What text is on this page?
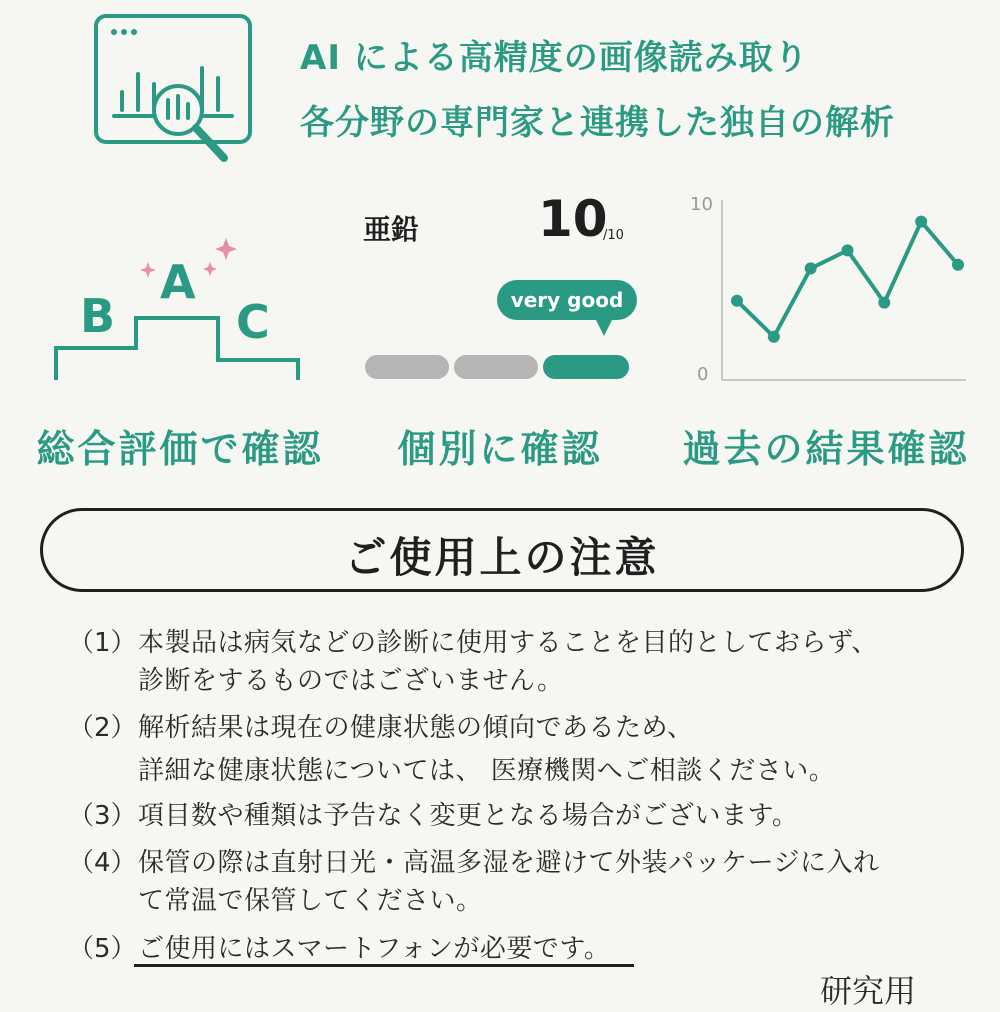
AI による高精度の画像読み取り
各分野の専門家と連携した独自の解析
B
A
C
総合評価で確認
亜鉛 10
/10
very good
個別に確認
10
0
過去の結果確認
ご使用上の注意
（1） 本製品は病気などの診断に使用することを目的としておらず、
診断をするものではございません。
（2） 解析結果は現在の健康状態の傾向であるため、
詳細な健康状態については、 医療機関へご相談ください。
（3） 項目数や種類は予告なく変更となる場合がございます。
（4） 保管の際は直射日光・高温多湿を避けて外装パッケージに入れ
て常温で保管してください。
（5） ご使用にはスマートフォンが必要です。
研究用
